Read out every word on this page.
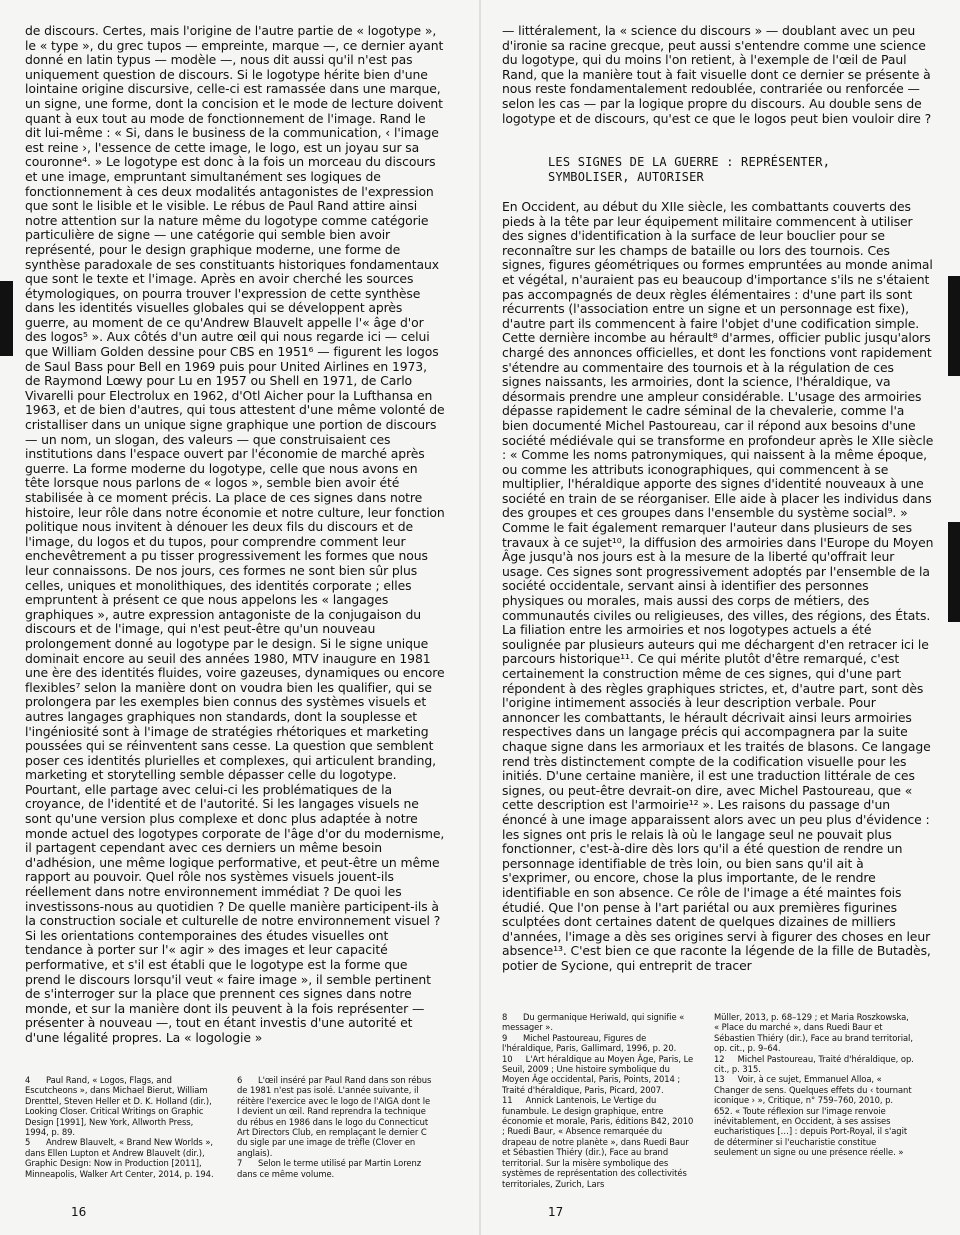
de discours. Certes, mais l'origine de l'autre partie de « logotype », le « type », du grec tupos — empreinte, marque —, ce dernier ayant donné en latin typus — modèle —, nous dit aussi qu'il n'est pas uniquement question de discours. Si le logotype hérite bien d'une lointaine origine discursive, celle-ci est ramassée dans une marque, un signe, une forme, dont la concision et le mode de lecture doivent quant à eux tout au mode de fonctionnement de l'image. Rand le dit lui-même : « Si, dans le business de la communication, ‹ l'image est reine ›, l'essence de cette image, le logo, est un joyau sur sa couronne⁴. » Le logotype est donc à la fois un morceau du discours et une image, empruntant simultanément ses logiques de fonctionnement à ces deux modalités antagonistes de l'expression que sont le lisible et le visible. Le rébus de Paul Rand attire ainsi notre attention sur la nature même du logotype comme catégorie particulière de signe — une catégorie qui semble bien avoir représenté, pour le design graphique moderne, une forme de synthèse paradoxale de ses constituants historiques fondamentaux que sont le texte et l'image. Après en avoir cherché les sources étymologiques, on pourra trouver l'expression de cette synthèse dans les identités visuelles globales qui se développent après guerre, au moment de ce qu'Andrew Blauvelt appelle l'« âge d'or des logos⁵ ». Aux côtés d'un autre œil qui nous regarde ici — celui que William Golden dessine pour CBS en 1951⁶ — figurent les logos de Saul Bass pour Bell en 1969 puis pour United Airlines en 1973, de Raymond Lœwy pour Lu en 1957 ou Shell en 1971, de Carlo Vivarelli pour Electrolux en 1962, d'Otl Aicher pour la Lufthansa en 1963, et de bien d'autres, qui tous attestent d'une même volonté de cristalliser dans un unique signe graphique une portion de discours — un nom, un slogan, des valeurs — que construisaient ces institutions dans l'espace ouvert par l'économie de marché après guerre. La forme moderne du logotype, celle que nous avons en tête lorsque nous parlons de « logos », semble bien avoir été stabilisée à ce moment précis. La place de ces signes dans notre histoire, leur rôle dans notre économie et notre culture, leur fonction politique nous invitent à dénouer les deux fils du discours et de l'image, du logos et du tupos, pour comprendre comment leur enchevêtrement a pu tisser progressivement les formes que nous leur connaissons. De nos jours, ces formes ne sont bien sûr plus celles, uniques et monolithiques, des identités corporate ; elles empruntent à présent ce que nous appelons les « langages graphiques », autre expression antagoniste de la conjugaison du discours et de l'image, qui n'est peut-être qu'un nouveau prolongement donné au logotype par le design. Si le signe unique dominait encore au seuil des années 1980, MTV inaugure en 1981 une ère des identités fluides, voire gazeuses, dynamiques ou encore flexibles⁷ selon la manière dont on voudra bien les qualifier, qui se prolongera par les exemples bien connus des systèmes visuels et autres langages graphiques non standards, dont la souplesse et l'ingéniosité sont à l'image de stratégies rhétoriques et marketing poussées qui se réinventent sans cesse. La question que semblent poser ces identités plurielles et complexes, qui articulent branding, marketing et storytelling semble dépasser celle du logotype. Pourtant, elle partage avec celui-ci les problématiques de la croyance, de l'identité et de l'autorité. Si les langages visuels ne sont qu'une version plus complexe et donc plus adaptée à notre monde actuel des logotypes corporate de l'âge d'or du modernisme, il partagent cependant avec ces derniers un même besoin d'adhésion, une même logique performative, et peut-être un même rapport au pouvoir. Quel rôle nos systèmes visuels jouent-ils réellement dans notre environnement immédiat ? De quoi les investissons-nous au quotidien ? De quelle manière participent-ils à la construction sociale et culturelle de notre environnement visuel ? Si les orientations contemporaines des études visuelles ont tendance à porter sur l'« agir » des images et leur capacité performative, et s'il est établi que le logotype est la forme que prend le discours lorsqu'il veut « faire image », il semble pertinent de s'interroger sur la place que prennent ces signes dans notre monde, et sur la manière dont ils peuvent à la fois représenter — présenter à nouveau —, tout en étant investis d'une autorité et d'une légalité propres. La « logologie »

4      Paul Rand, « Logos, Flags, and Escutcheons », dans Michael Bierut, William Drenttel, Steven Heller et D. K. Holland (dir.), Looking Closer. Critical Writings on Graphic Design [1991], New York, Allworth Press, 1994, p. 89.

5      Andrew Blauvelt, « Brand New Worlds », dans Ellen Lupton et Andrew Blauvelt (dir.), Graphic Design: Now in Production [2011], Minneapolis, Walker Art Center, 2014, p. 194.

6      L'œil inséré par Paul Rand dans son rébus de 1981 n'est pas isolé. L'année suivante, il réitère l'exercice avec le logo de l'AIGA dont le I devient un œil. Rand reprendra la technique du rébus en 1986 dans le logo du Connecticut Art Directors Club, en remplaçant le dernier C du sigle par une image de trèfle (Clover en anglais).

7      Selon le terme utilisé par Martin Lorenz dans ce même volume.

16

— littéralement, la « science du discours » — doublant avec un peu d'ironie sa racine grecque, peut aussi s'entendre comme une science du logotype, qui du moins l'on retient, à l'exemple de l'œil de Paul Rand, que la manière tout à fait visuelle dont ce dernier se présente à nous reste fondamentalement redoublée, contrariée ou renforcée — selon les cas — par la logique propre du discours. Au double sens de logotype et de discours, qu'est ce que le logos peut bien vouloir dire ?

LES SIGNES DE LA GUERRE : REPRÉSENTER,
SYMBOLISER, AUTORISER

En Occident, au début du XIIe siècle, les combattants couverts des pieds à la tête par leur équipement militaire commencent à utiliser des signes d'identification à la surface de leur bouclier pour se reconnaître sur les champs de bataille ou lors des tournois. Ces signes, figures géométriques ou formes empruntées au monde animal et végétal, n'auraient pas eu beaucoup d'importance s'ils ne s'étaient pas accompagnés de deux règles élémentaires : d'une part ils sont récurrents (l'association entre un signe et un personnage est fixe), d'autre part ils commencent à faire l'objet d'une codification simple. Cette dernière incombe au hérault⁸ d'armes, officier public jusqu'alors chargé des annonces officielles, et dont les fonctions vont rapidement s'étendre au commentaire des tournois et à la régulation de ces signes naissants, les armoiries, dont la science, l'héraldique, va désormais prendre une ampleur considérable. L'usage des armoiries dépasse rapidement le cadre séminal de la chevalerie, comme l'a bien documenté Michel Pastoureau, car il répond aux besoins d'une société médiévale qui se transforme en profondeur après le XIIe siècle : « Comme les noms patronymiques, qui naissent à la même époque, ou comme les attributs iconographiques, qui commencent à se multiplier, l'héraldique apporte des signes d'identité nouveaux à une société en train de se réorganiser. Elle aide à placer les individus dans des groupes et ces groupes dans l'ensemble du système social⁹. » Comme le fait également remarquer l'auteur dans plusieurs de ses travaux à ce sujet¹⁰, la diffusion des armoiries dans l'Europe du Moyen Âge jusqu'à nos jours est à la mesure de la liberté qu'offrait leur usage. Ces signes sont progressivement adoptés par l'ensemble de la société occidentale, servant ainsi à identifier des personnes physiques ou morales, mais aussi des corps de métiers, des communautés civiles ou religieuses, des villes, des régions, des États. La filiation entre les armoiries et nos logotypes actuels a été soulignée par plusieurs auteurs qui me déchargent d'en retracer ici le parcours historique¹¹. Ce qui mérite plutôt d'être remarqué, c'est certainement la construction même de ces signes, qui d'une part répondent à des règles graphiques strictes, et, d'autre part, sont dès l'origine intimement associés à leur description verbale. Pour annoncer les combattants, le hérault décrivait ainsi leurs armoiries respectives dans un langage précis qui accompagnera par la suite chaque signe dans les armoriaux et les traités de blasons. Ce langage rend très distinctement compte de la codification visuelle pour les initiés. D'une certaine manière, il est une traduction littérale de ces signes, ou peut-être devrait-on dire, avec Michel Pastoureau, que « cette description est l'armoirie¹² ». Les raisons du passage d'un énoncé à une image apparaissent alors avec un peu plus d'évidence : les signes ont pris le relais là où le langage seul ne pouvait plus fonctionner, c'est-à-dire dès lors qu'il a été question de rendre un personnage identifiable de très loin, ou bien sans qu'il ait à s'exprimer, ou encore, chose la plus importante, de le rendre identifiable en son absence. Ce rôle de l'image a été maintes fois étudié. Que l'on pense à l'art pariétal ou aux premières figurines sculptées dont certaines datent de quelques dizaines de milliers d'années, l'image a dès ses origines servi à figurer des choses en leur absence¹³. C'est bien ce que raconte la légende de la fille de Butadès, potier de Sycione, qui entreprit de tracer

8      Du germanique Heriwald, qui signifie « messager ».

9      Michel Pastoureau, Figures de l'héraldique, Paris, Gallimard, 1996, p. 20.

10     L'Art héraldique au Moyen Âge, Paris, Le Seuil, 2009 ; Une histoire symbolique du Moyen Âge occidental, Paris, Points, 2014 ; Traité d'héraldique, Paris, Picard, 2007.

11     Annick Lantenois, Le Vertige du funambule. Le design graphique, entre économie et morale, Paris, éditions B42, 2010 ; Ruedi Baur, « Absence remarquée du drapeau de notre planète », dans Ruedi Baur et Sébastien Thiéry (dir.), Face au brand territorial. Sur la misère symbolique des systèmes de représentation des collectivités territoriales, Zurich, Lars

Müller, 2013, p. 68–129 ; et Maria Roszkowska, « Place du marché », dans Ruedi Baur et Sébastien Thiéry (dir.), Face au brand territorial, op. cit., p. 9–64.

12     Michel Pastoureau, Traité d'héraldique, op. cit., p. 315.

13     Voir, à ce sujet, Emmanuel Alloa, « Changer de sens. Quelques effets du ‹ tournant iconique › », Critique, n° 759–760, 2010, p. 652. « Toute réflexion sur l'image renvoie inévitablement, en Occident, à ses assises eucharistiques […] : depuis Port-Royal, il s'agit de déterminer si l'eucharistie constitue seulement un signe ou une présence réelle. »

17
